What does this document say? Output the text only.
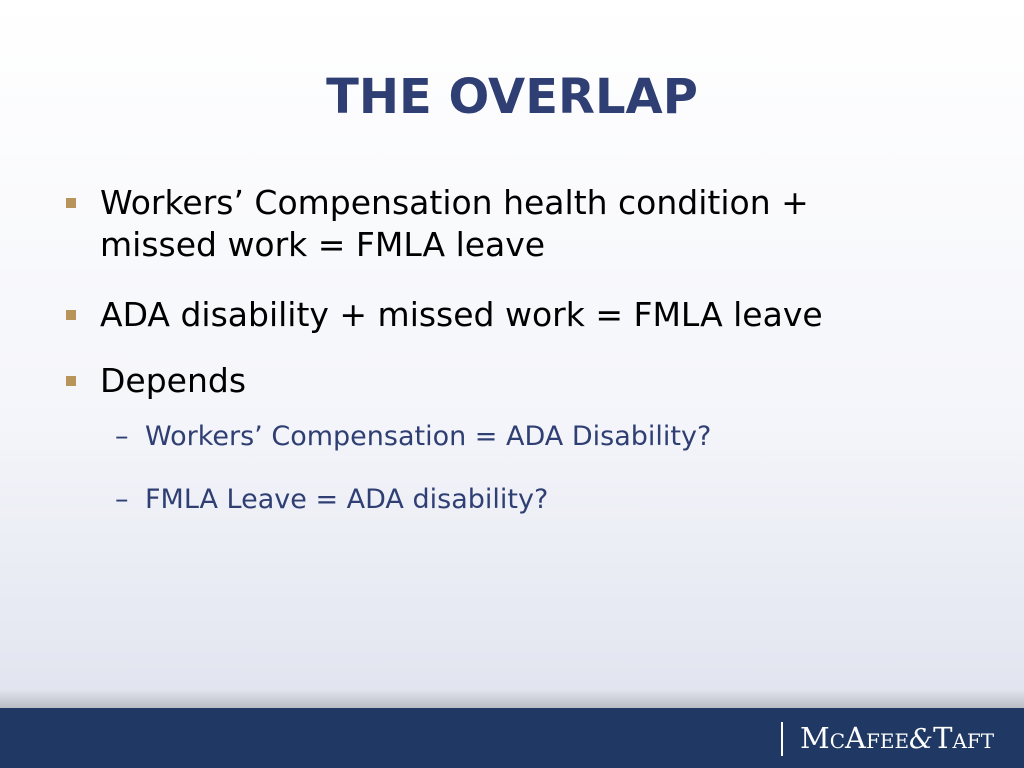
THE OVERLAP
Workers’ Compensation health condition +
missed work = FMLA leave
ADA disability + missed work = FMLA leave
Depends
– Workers’ Compensation = ADA Disability?
– FMLA Leave = ADA disability?
MCAFEE&TAFT
